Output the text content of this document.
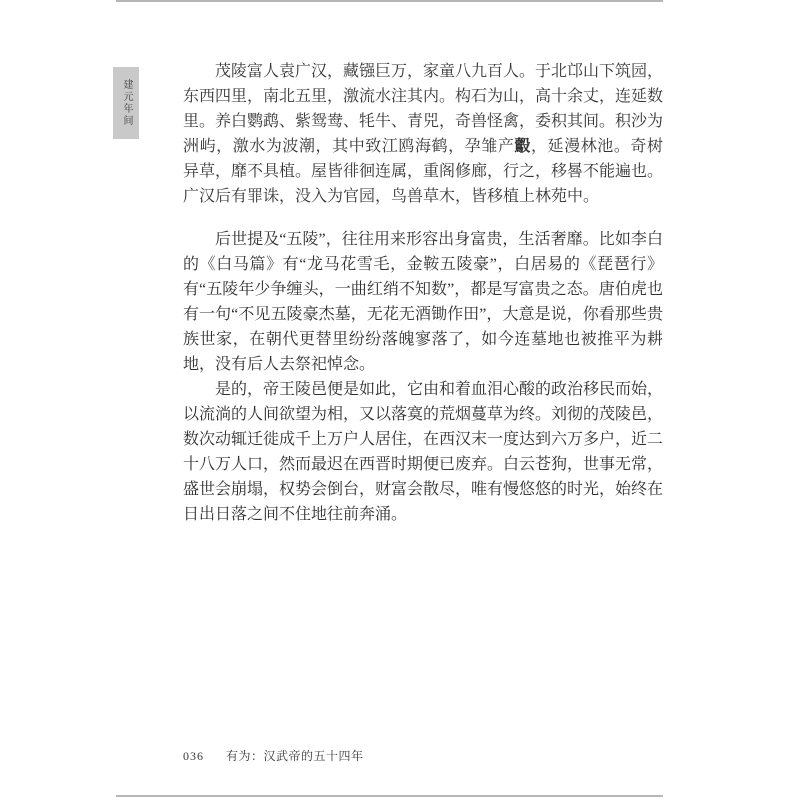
建元年间

茂陵富人袁广汉，藏镪巨万，家童八九百人。于北邙山下筑园，东西四里，南北五里，激流水注其内。构石为山，高十余丈，连延数里。养白鹦鹉、紫鸳鸯、牦牛、青兕，奇兽怪禽，委积其间。积沙为洲屿，激水为波潮，其中致江鸥海鹤，孕雏产鷇，延漫林池。奇树异草，靡不具植。屋皆徘徊连属，重阁修廊，行之，移晷不能遍也。广汉后有罪诛，没入为官园，鸟兽草木，皆移植上林苑中。

后世提及“五陵”，往往用来形容出身富贵，生活奢靡。比如李白的《白马篇》有“龙马花雪毛，金鞍五陵豪”，白居易的《琵琶行》有“五陵年少争缠头，一曲红绡不知数”，都是写富贵之态。唐伯虎也有一句“不见五陵豪杰墓，无花无酒锄作田”，大意是说，你看那些贵族世家，在朝代更替里纷纷落魄寥落了，如今连墓地也被推平为耕地，没有后人去祭祀悼念。

是的，帝王陵邑便是如此，它由和着血泪心酸的政治移民而始，以流淌的人间欲望为相，又以落寞的荒烟蔓草为终。刘彻的茂陵邑，数次动辄迁徙成千上万户人居住，在西汉末一度达到六万多户，近二十八万人口，然而最迟在西晋时期便已废弃。白云苍狗，世事无常，盛世会崩塌，权势会倒台，财富会散尽，唯有慢悠悠的时光，始终在日出日落之间不住地往前奔涌。

036 有为：汉武帝的五十四年
